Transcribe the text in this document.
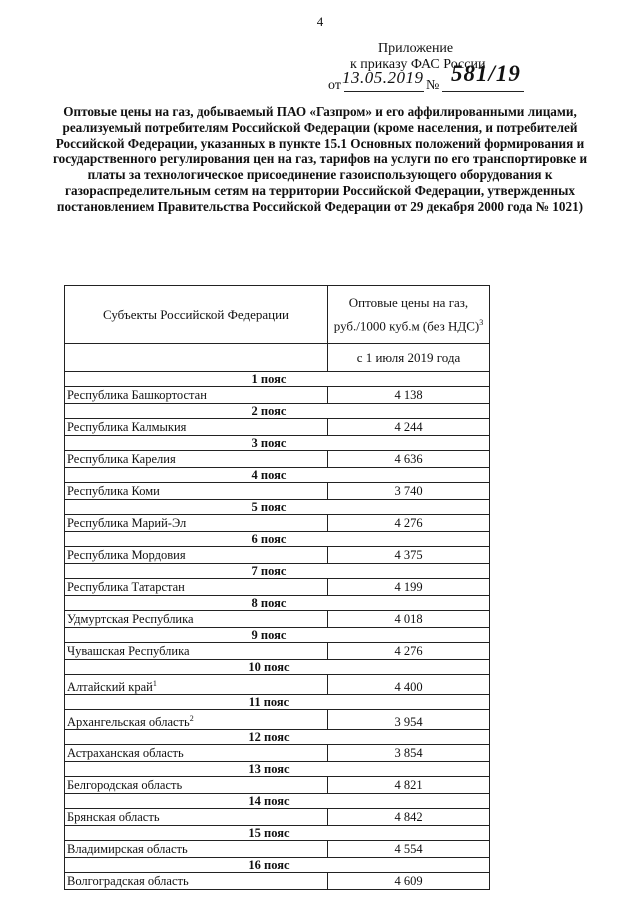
4
Приложение
к приказу ФАС России
от 13.05.2019 № 581/19
Оптовые цены на газ, добываемый ПАО «Газпром» и его аффилированными лицами, реализуемый потребителям Российской Федерации (кроме населения, и потребителей Российской Федерации, указанных в пункте 15.1 Основных положений формирования и государственного регулирования цен на газ, тарифов на услуги по его транспортировке и платы за технологическое присоединение газоиспользующего оборудования к газораспределительным сетям на территории Российской Федерации, утвержденных постановлением Правительства Российской Федерации от 29 декабря 2000 года № 1021)
Субъекты Российской Федерации	Оптовые цены на газ,
руб./1000 куб.м (без НДС)$^3$
	с 1 июля 2019 года
1 пояс	
Республика Башкортостан	4 138
2 пояс	
Республика Калмыкия	4 244
3 пояс	
Республика Карелия	4 636
4 пояс	
Республика Коми	3 740
5 пояс	
Республика Марий-Эл	4 276
6 пояс	
Республика Мордовия	4 375
7 пояс	
Республика Татарстан	4 199
8 пояс	
Удмуртская Республика	4 018
9 пояс	
Чувашская Республика	4 276
10 пояс	
Алтайский край$^1$	4 400
11 пояс	
Архангельская область$^2$	3 954
12 пояс	
Астраханская область	3 854
13 пояс	
Белгородская область	4 821
14 пояс	
Брянская область	4 842
15 пояс	
Владимирская область	4 554
16 пояс	
Волгоградская область	4 609
